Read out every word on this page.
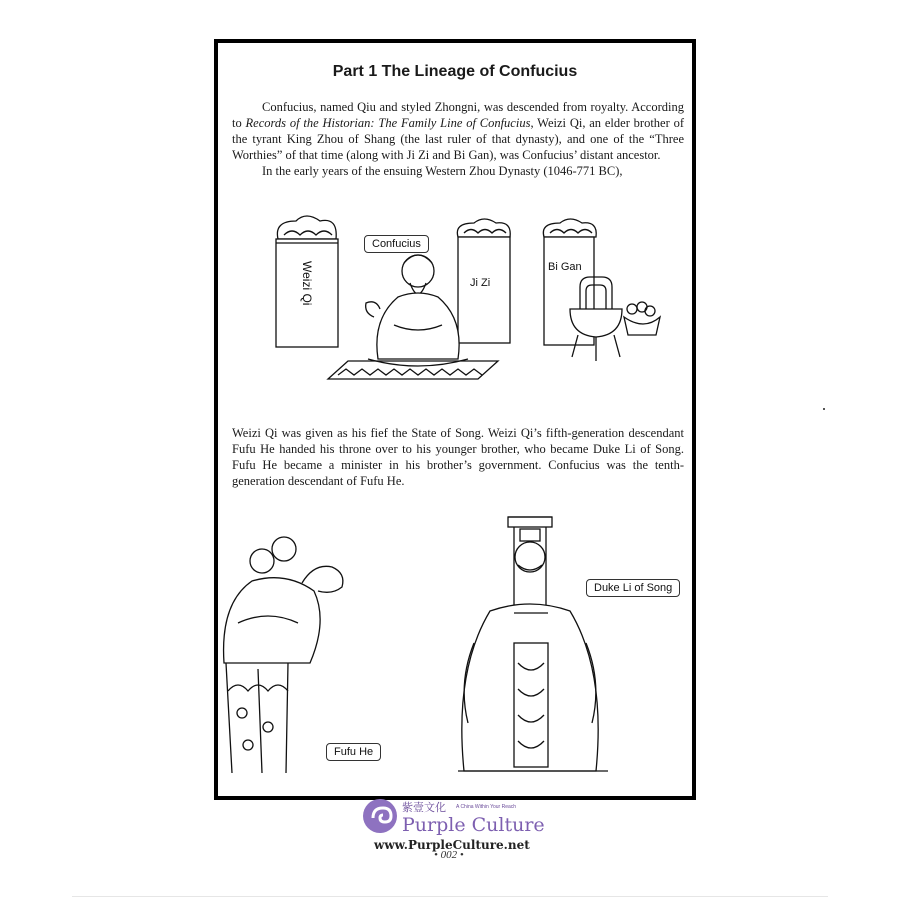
Part 1 The Lineage of Confucius

Confucius, named Qiu and styled Zhongni, was descended from royalty. According to Records of the Historian: The Family Line of Confucius, Weizi Qi, an elder brother of the tyrant King Zhou of Shang (the last ruler of that dynasty), and one of the “Three Worthies” of that time (along with Ji Zi and Bi Gan), was Confucius’ distant ancestor.
In the early years of the ensuing Western Zhou Dynasty (1046-771 BC),

Confucius
Weizi Qi	Ji Zi
Bi Gan

Weizi Qi was given as his fief the State of Song. Weizi Qi’s fifth-generation descendant Fufu He handed his throne over to his younger brother, who became Duke Li of Song. Fufu He became a minister in his brother’s government. Confucius was the tenth-generation descendant of Fufu He.

Duke Li of Song
Fufu He
紫壹文化 A China Within Your Reach
Purple Culture
www.PurpleCulture.net
• 002 •
